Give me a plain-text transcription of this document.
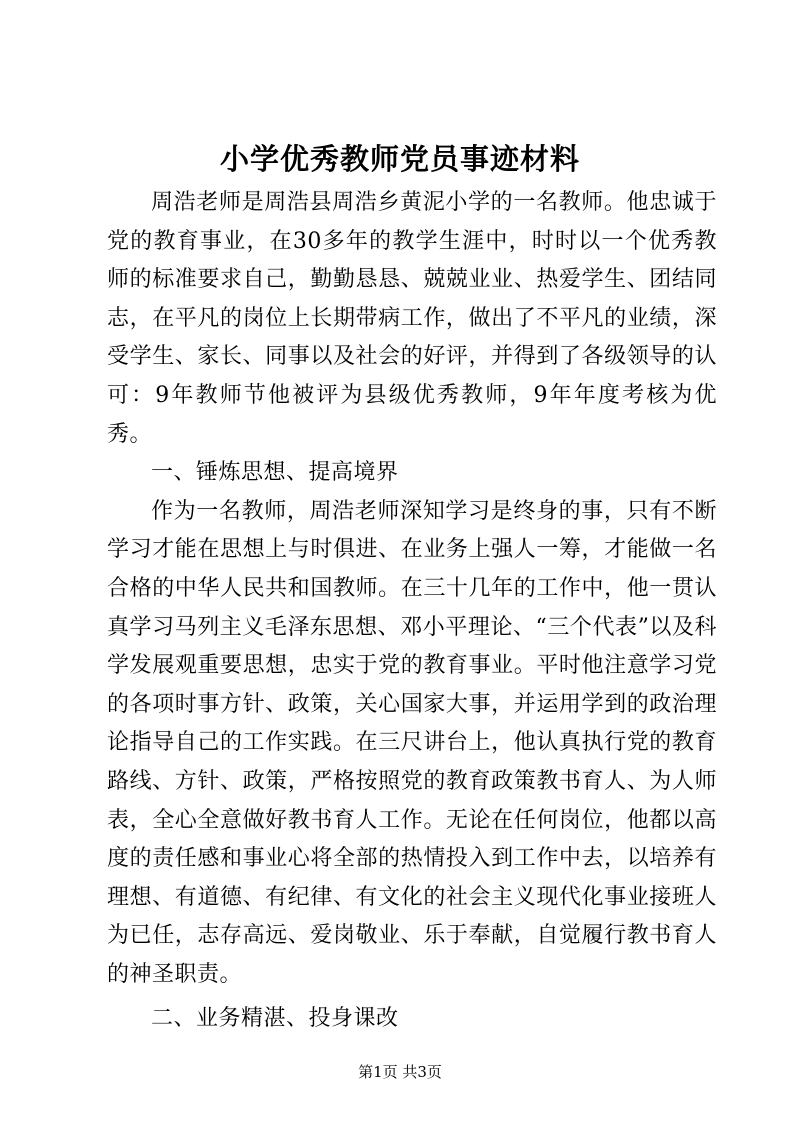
小学优秀教师党员事迹材料

周浩老师是周浩县周浩乡黄泥小学的一名教师。他忠诚于党的教育事业，在30多年的教学生涯中，时时以一个优秀教师的标准要求自己，勤勤恳恳、兢兢业业、热爱学生、团结同志，在平凡的岗位上长期带病工作，做出了不平凡的业绩，深受学生、家长、同事以及社会的好评，并得到了各级领导的认可：9年教师节他被评为县级优秀教师，9年年度考核为优秀。

一、锤炼思想、提高境界

作为一名教师，周浩老师深知学习是终身的事，只有不断学习才能在思想上与时俱进、在业务上强人一筹，才能做一名合格的中华人民共和国教师。在三十几年的工作中，他一贯认真学习马列主义毛泽东思想、邓小平理论、“三个代表”以及科学发展观重要思想，忠实于党的教育事业。平时他注意学习党的各项时事方针、政策，关心国家大事，并运用学到的政治理论指导自己的工作实践。在三尺讲台上，他认真执行党的教育路线、方针、政策，严格按照党的教育政策教书育人、为人师表，全心全意做好教书育人工作。无论在任何岗位，他都以高度的责任感和事业心将全部的热情投入到工作中去，以培养有理想、有道德、有纪律、有文化的社会主义现代化事业接班人为已任，志存高远、爱岗敬业、乐于奉献，自觉履行教书育人的神圣职责。

二、业务精湛、投身课改

第1页 共3页
